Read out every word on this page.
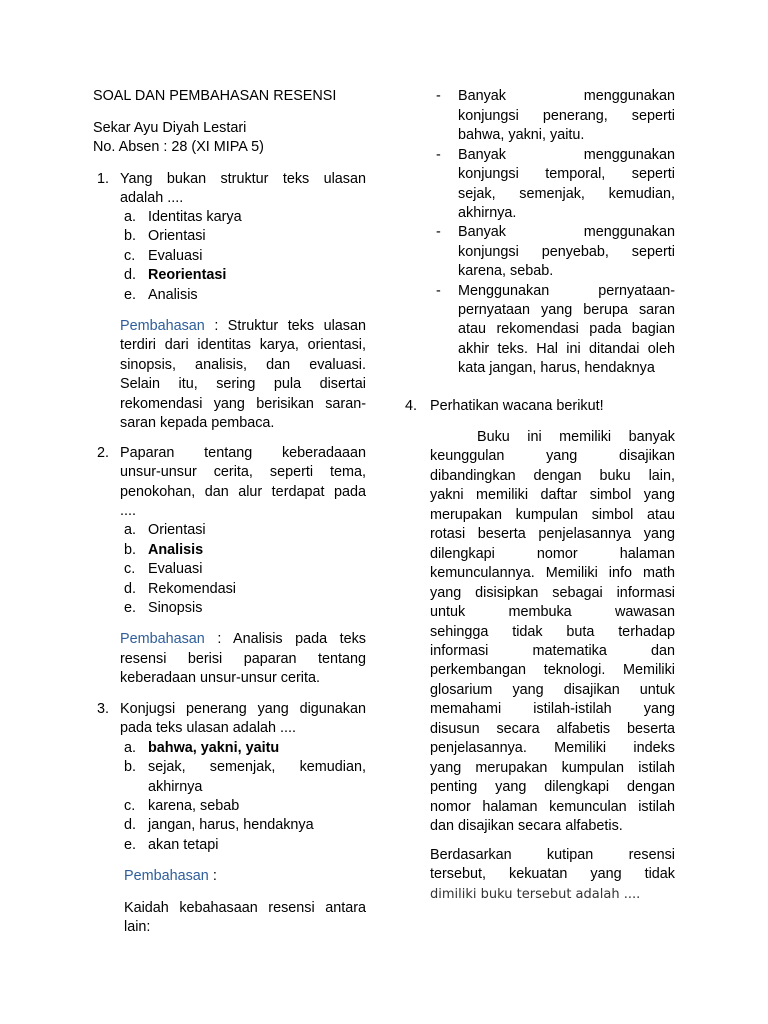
SOAL DAN PEMBAHASAN RESENSI
Sekar Ayu Diyah Lestari
No. Absen : 28 (XI MIPA 5)
1. Yang bukan struktur teks ulasan
adalah ....
a. Identitas karya
b. Orientasi
c. Evaluasi
d. Reorientasi
e. Analisis
Pembahasan : Struktur teks ulasan
terdiri dari identitas karya, orientasi,
sinopsis, analisis, dan evaluasi.
Selain itu, sering pula disertai
rekomendasi yang berisikan saran-
saran kepada pembaca.
2. Paparan tentang keberadaaan
unsur-unsur cerita, seperti tema,
penokohan, dan alur terdapat pada
....
a. Orientasi
b. Analisis
c. Evaluasi
d. Rekomendasi
e. Sinopsis
Pembahasan : Analisis pada teks
resensi berisi paparan tentang
keberadaan unsur-unsur cerita.
3. Konjugsi penerang yang digunakan
pada teks ulasan adalah ....
a. bahwa, yakni, yaitu
b. sejak, semenjak, kemudian,
akhirnya
c. karena, sebab
d. jangan, harus, hendaknya
e. akan tetapi
Pembahasan :
Kaidah kebahasaan resensi antara
lain:
- Banyak menggunakan
konjungsi penerang, seperti
bahwa, yakni, yaitu.
- Banyak menggunakan
konjungsi temporal, seperti
sejak, semenjak, kemudian,
akhirnya.
- Banyak menggunakan
konjungsi penyebab, seperti
karena, sebab.
- Menggunakan pernyataan-
pernyataan yang berupa saran
atau rekomendasi pada bagian
akhir teks. Hal ini ditandai oleh
kata jangan, harus, hendaknya
4. Perhatikan wacana berikut!
Buku ini memiliki banyak
keunggulan yang disajikan
dibandingkan dengan buku lain,
yakni memiliki daftar simbol yang
merupakan kumpulan simbol atau
rotasi beserta penjelasannya yang
dilengkapi nomor halaman
kemunculannya. Memiliki info math
yang disisipkan sebagai informasi
untuk membuka wawasan
sehingga tidak buta terhadap
informasi matematika dan
perkembangan teknologi. Memiliki
glosarium yang disajikan untuk
memahami istilah-istilah yang
disusun secara alfabetis beserta
penjelasannya. Memiliki indeks
yang merupakan kumpulan istilah
penting yang dilengkapi dengan
nomor halaman kemunculan istilah
dan disajikan secara alfabetis.
Berdasarkan kutipan resensi
tersebut, kekuatan yang tidak
dimiliki buku tersebut adalah ....
